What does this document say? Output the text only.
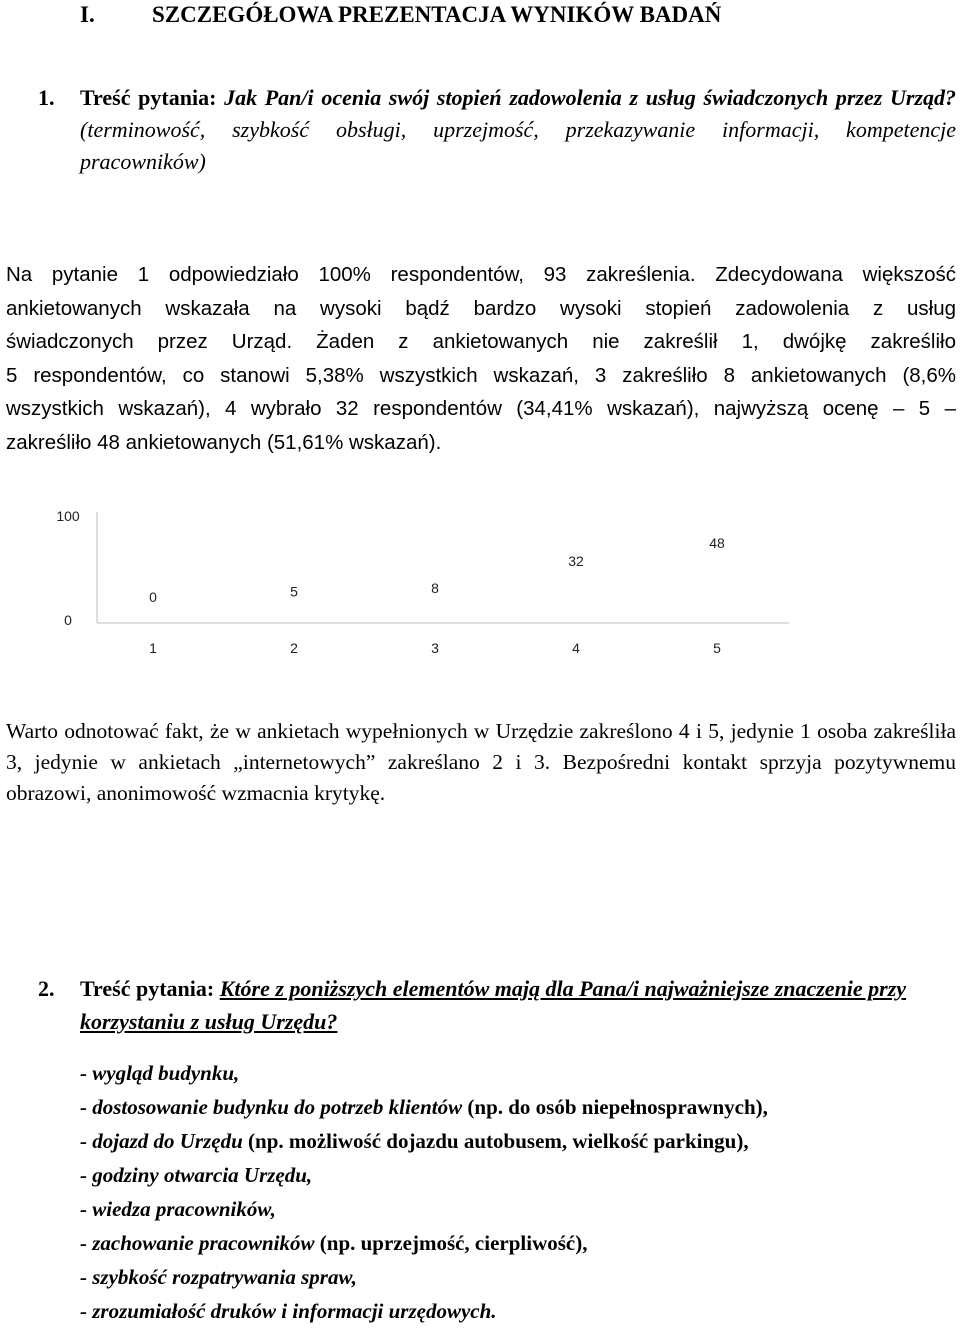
I. SZCZEGÓŁOWA PREZENTACJA WYNIKÓW BADAŃ
1. Treść pytania: Jak Pan/i ocenia swój stopień zadowolenia z usług świadczonych przez Urząd? (terminowość, szybkość obsługi, uprzejmość, przekazywanie informacji, kompetencje pracowników)
Na pytanie 1 odpowiedziało 100% respondentów, 93 zakreślenia. Zdecydowana większość
ankietowanych wskazała na wysoki bądź bardzo wysoki stopień zadowolenia z usług
świadczonych przez Urząd. Żaden z ankietowanych nie zakreślił 1, dwójkę zakreśliło
5 respondentów, co stanowi 5,38% wszystkich wskazań, 3 zakreśliło 8 ankietowanych (8,6%
wszystkich wskazań), 4 wybrało 32 respondentów (34,41% wskazań), najwyższą ocenę – 5 –
zakreśliło 48 ankietowanych (51,61% wskazań).
100
0
0
1
5
2
8
3
32
4
48
5
Warto odnotować fakt, że w ankietach wypełnionych w Urzędzie zakreślono 4 i 5, jedynie 1 osoba zakreśliła 3, jedynie w ankietach „internetowych” zakreślano 2 i 3. Bezpośredni kontakt sprzyja pozytywnemu obrazowi, anonimowość wzmacnia krytykę.
2. Treść pytania: Które z poniższych elementów mają dla Pana/i najważniejsze znaczenie przy korzystaniu z usług Urzędu?
- wygląd budynku,
- dostosowanie budynku do potrzeb klientów (np. do osób niepełnosprawnych),
- dojazd do Urzędu (np. możliwość dojazdu autobusem, wielkość parkingu),
- godziny otwarcia Urzędu,
- wiedza pracowników,
- zachowanie pracowników (np. uprzejmość, cierpliwość),
- szybkość rozpatrywania spraw,
- zrozumiałość druków i informacji urzędowych.
